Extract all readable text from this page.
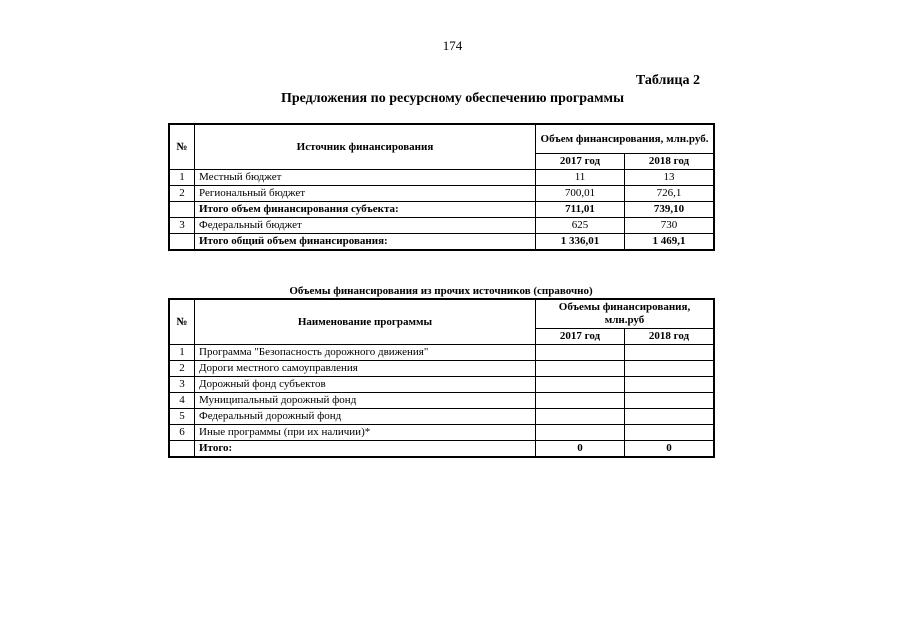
174
Таблица 2
Предложения по ресурсному обеспечению программы
№	Источник финансирования	Объем финансирования, млн.руб.	
		2017 год	2018 год
1	Местный бюджет	11	13
2	Региональный бюджет	700,01	726,1
	Итого объем финансирования субъекта:	711,01	739,10
3	Федеральный бюджет	625	730
	Итого общий объем финансирования:	1 336,01	1 469,1
Объемы финансирования из прочих источников (справочно)
№	Наименование программы	Объемы финансирования, млн.руб	
		2017 год	2018 год
1	Программа "Безопасность дорожного движения"		
2	Дороги местного самоуправления		
3	Дорожный фонд субъектов		
4	Муниципальный дорожный фонд		
5	Федеральный дорожный фонд		
6	Иные программы (при их наличии)*		
	Итого:	0	0
